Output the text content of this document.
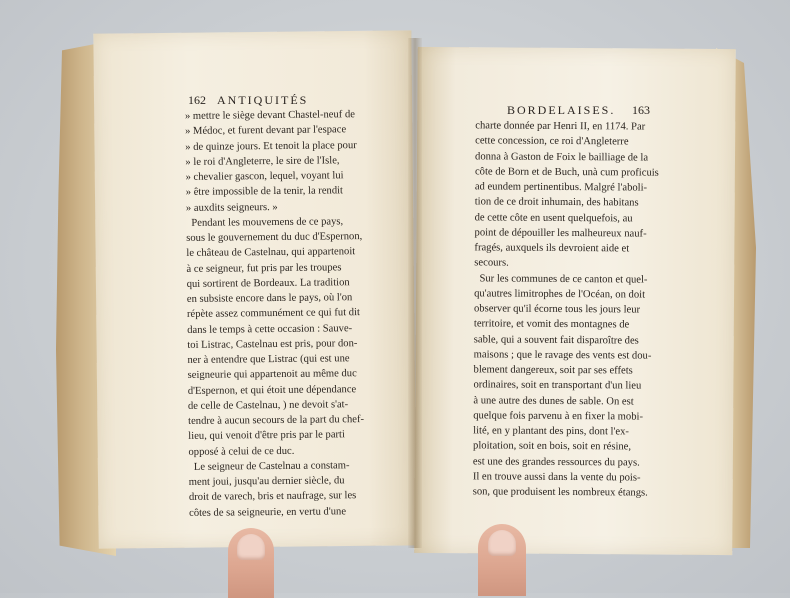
162 ANTIQUITÉS
BORDELAISES. 163
» mettre le siège devant Chastel-neuf de
» Médoc, et furent devant par l'espace
» de quinze jours. Et tenoit la place pour
» le roi d'Angleterre, le sire de l'Isle,
» chevalier gascon, lequel, voyant lui
» être impossible de la tenir, la rendit
» auxdits seigneurs. »
Pendant les mouvemens de ce pays,
sous le gouvernement du duc d'Espernon,
le château de Castelnau, qui appartenoit
à ce seigneur, fut pris par les troupes
qui sortirent de Bordeaux. La tradition
en subsiste encore dans le pays, où l'on
répète assez communément ce qui fut dit
dans le temps à cette occasion : Sauve-
toi Listrac, Castelnau est pris, pour don-
ner à entendre que Listrac (qui est une
seigneurie qui appartenoit au même duc
d'Espernon, et qui étoit une dépendance
de celle de Castelnau, ) ne devoit s'at-
tendre à aucun secours de la part du chef-
lieu, qui venoit d'être pris par le parti
opposé à celui de ce duc.
Le seigneur de Castelnau a constam-
ment joui, jusqu'au dernier siècle, du
droit de varech, bris et naufrage, sur les
côtes de sa seigneurie, en vertu d'une
charte donnée par Henri II, en 1174. Par
cette concession, ce roi d'Angleterre
donna à Gaston de Foix le bailliage de la
côte de Born et de Buch, unà cum proficuis
ad eundem pertinentibus. Malgré l'aboli-
tion de ce droit inhumain, des habitans
de cette côte en usent quelquefois, au
point de dépouiller les malheureux nauf-
fragés, auxquels ils devroient aide et
secours.
Sur les communes de ce canton et quel-
qu'autres limitrophes de l'Océan, on doit
observer qu'il écorne tous les jours leur
territoire, et vomit des montagnes de
sable, qui a souvent fait disparoître des
maisons ; que le ravage des vents est dou-
blement dangereux, soit par ses effets
ordinaires, soit en transportant d'un lieu
à une autre des dunes de sable. On est
quelque fois parvenu à en fixer la mobi-
lité, en y plantant des pins, dont l'ex-
ploitation, soit en bois, soit en résine,
est une des grandes ressources du pays.
Il en trouve aussi dans la vente du pois-
son, que produisent les nombreux étangs.
